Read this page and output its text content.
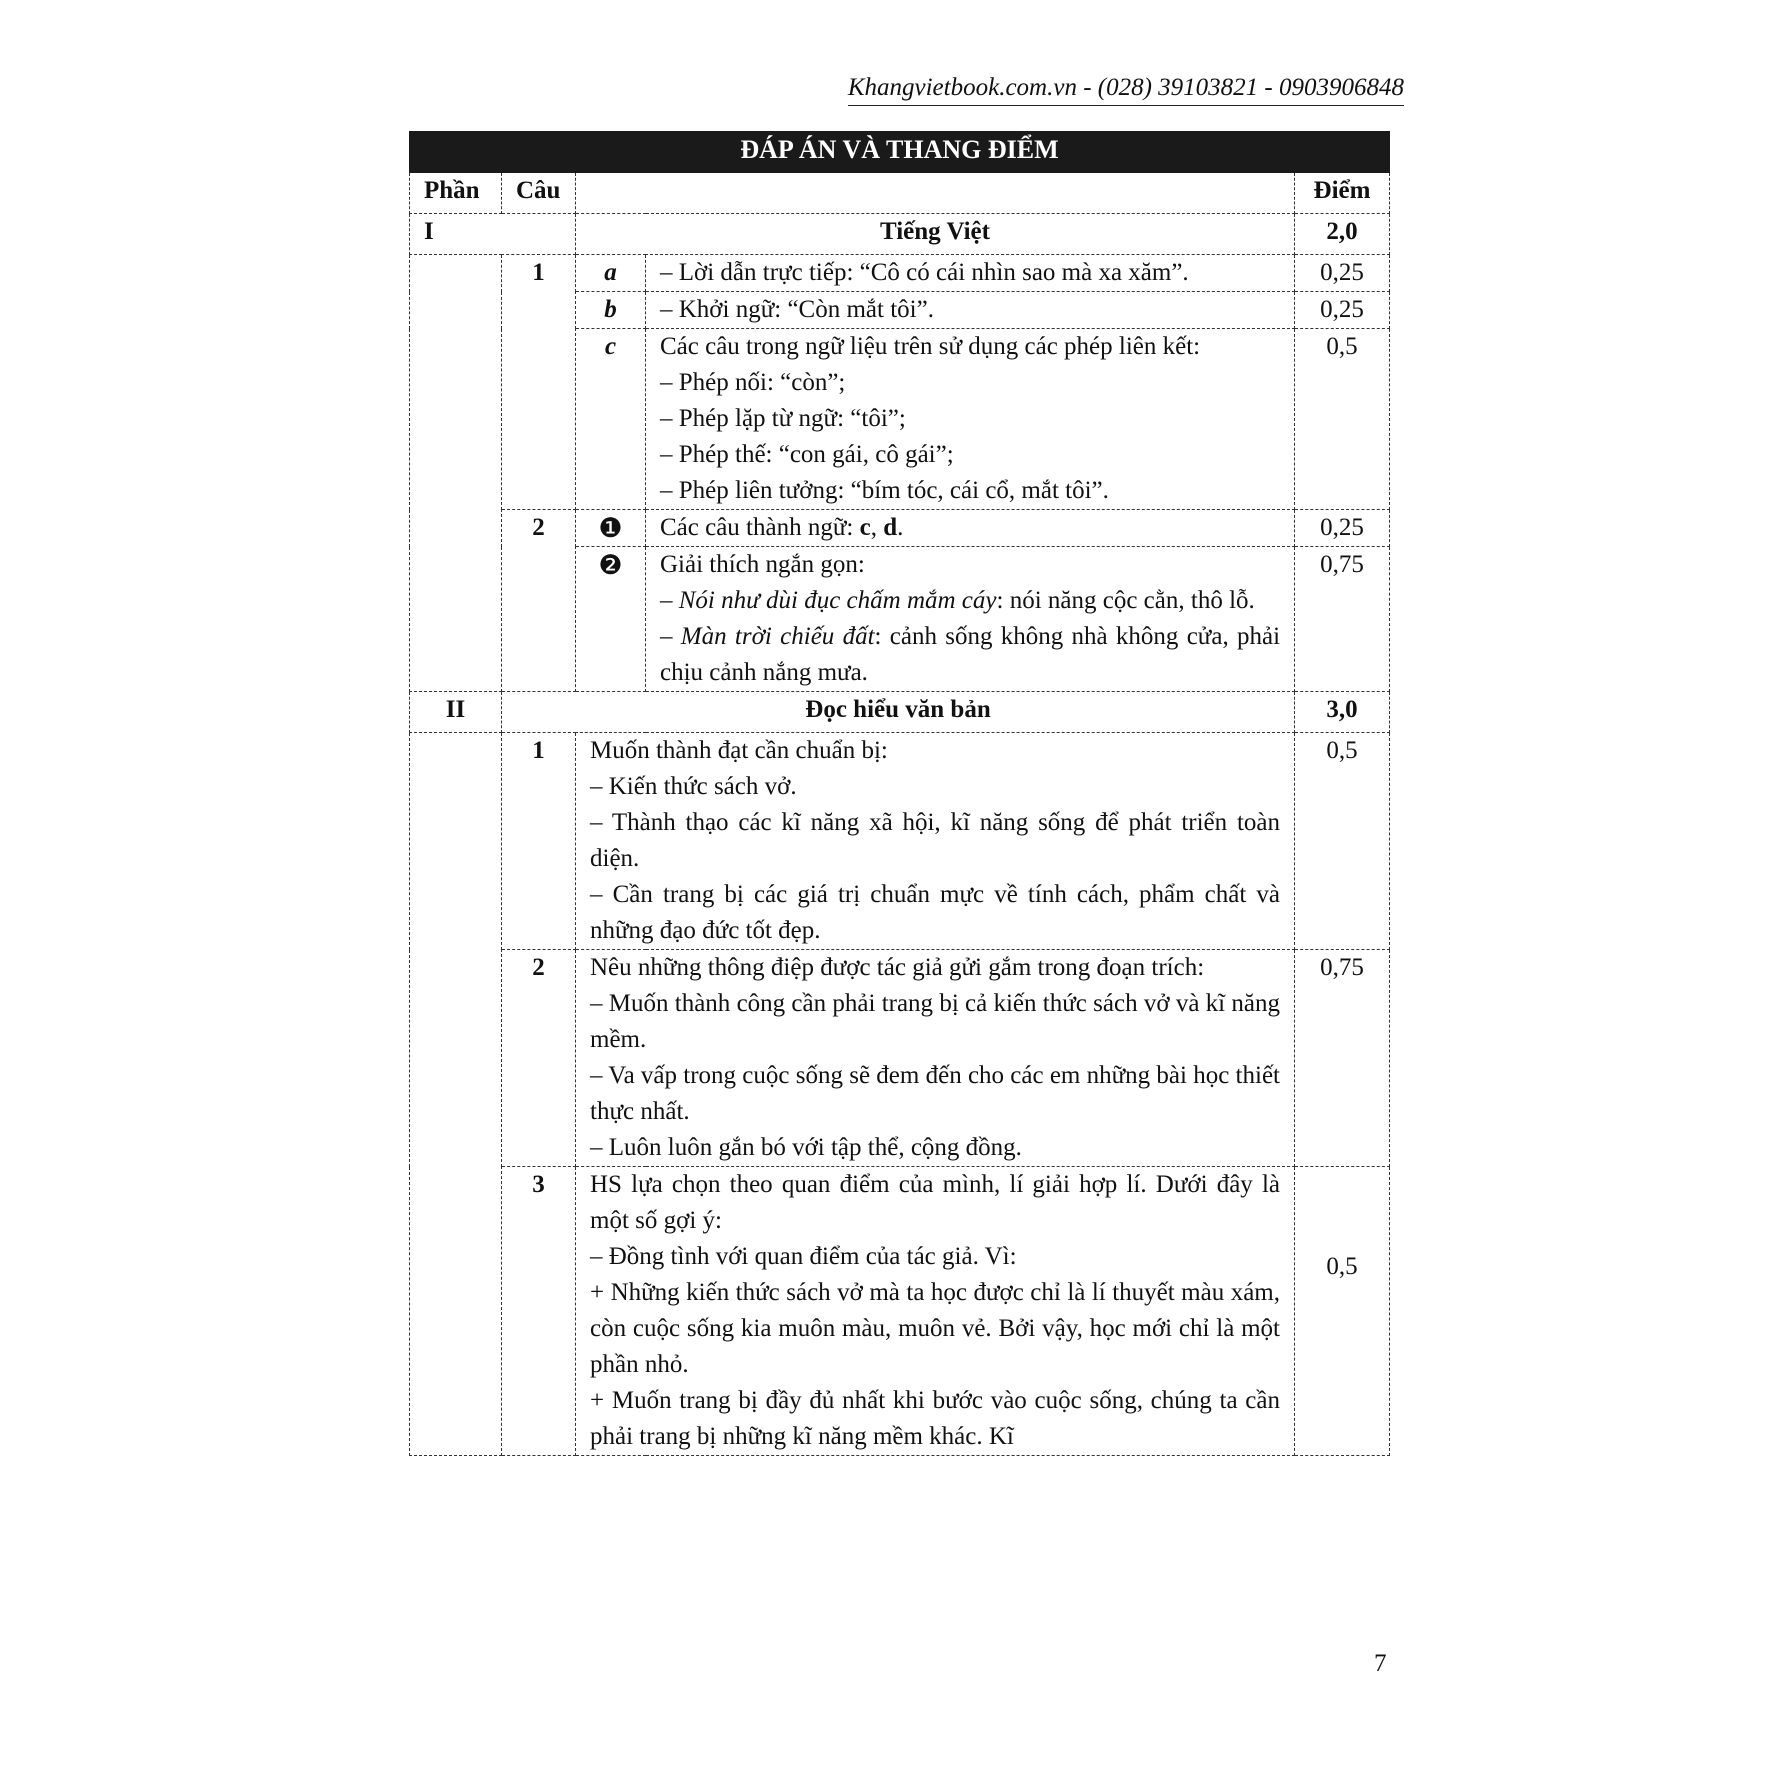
Khangvietbook.com.vn - (028) 39103821 - 0903906848
ĐÁP ÁN VÀ THANG ĐIỂM				
Phần	Câu			Điểm
I		Tiếng Việt		2,0
	1	a	– Lời dẫn trực tiếp: “Cô có cái nhìn sao mà xa xăm”.	0,25
		b	– Khởi ngữ: “Còn mắt tôi”.	0,25
		c	Các câu trong ngữ liệu trên sử dụng các phép liên kết:
– Phép nối: “còn”;
– Phép lặp từ ngữ: “tôi”;
– Phép thế: “con gái, cô gái”;
– Phép liên tưởng: “bím tóc, cái cổ, mắt tôi”.	0,5
	2	❶	Các câu thành ngữ: c, d.	0,25
		❷	Giải thích ngắn gọn:
– Nói như dùi đục chấm mắm cáy: nói năng cộc cằn, thô lỗ.
– Màn trời chiếu đất: cảnh sống không nhà không cửa, phải chịu cảnh nắng mưa.	0,75
II	Đọc hiểu văn bản			3,0
	1	Muốn thành đạt cần chuẩn bị:
– Kiến thức sách vở.
– Thành thạo các kĩ năng xã hội, kĩ năng sống để phát triển toàn diện.
– Cần trang bị các giá trị chuẩn mực về tính cách, phẩm chất và những đạo đức tốt đẹp.		0,5
	2	Nêu những thông điệp được tác giả gửi gắm trong đoạn trích:
– Muốn thành công cần phải trang bị cả kiến thức sách vở và kĩ năng mềm.
– Va vấp trong cuộc sống sẽ đem đến cho các em những bài học thiết thực nhất.
– Luôn luôn gắn bó với tập thể, cộng đồng.		0,75
	3	HS lựa chọn theo quan điểm của mình, lí giải hợp lí. Dưới đây là một số gợi ý:
– Đồng tình với quan điểm của tác giả. Vì:
+ Những kiến thức sách vở mà ta học được chỉ là lí thuyết màu xám, còn cuộc sống kia muôn màu, muôn vẻ. Bởi vậy, học mới chỉ là một phần nhỏ.
+ Muốn trang bị đầy đủ nhất khi bước vào cuộc sống, chúng ta cần phải trang bị những kĩ năng mềm khác. Kĩ		0,5
7
